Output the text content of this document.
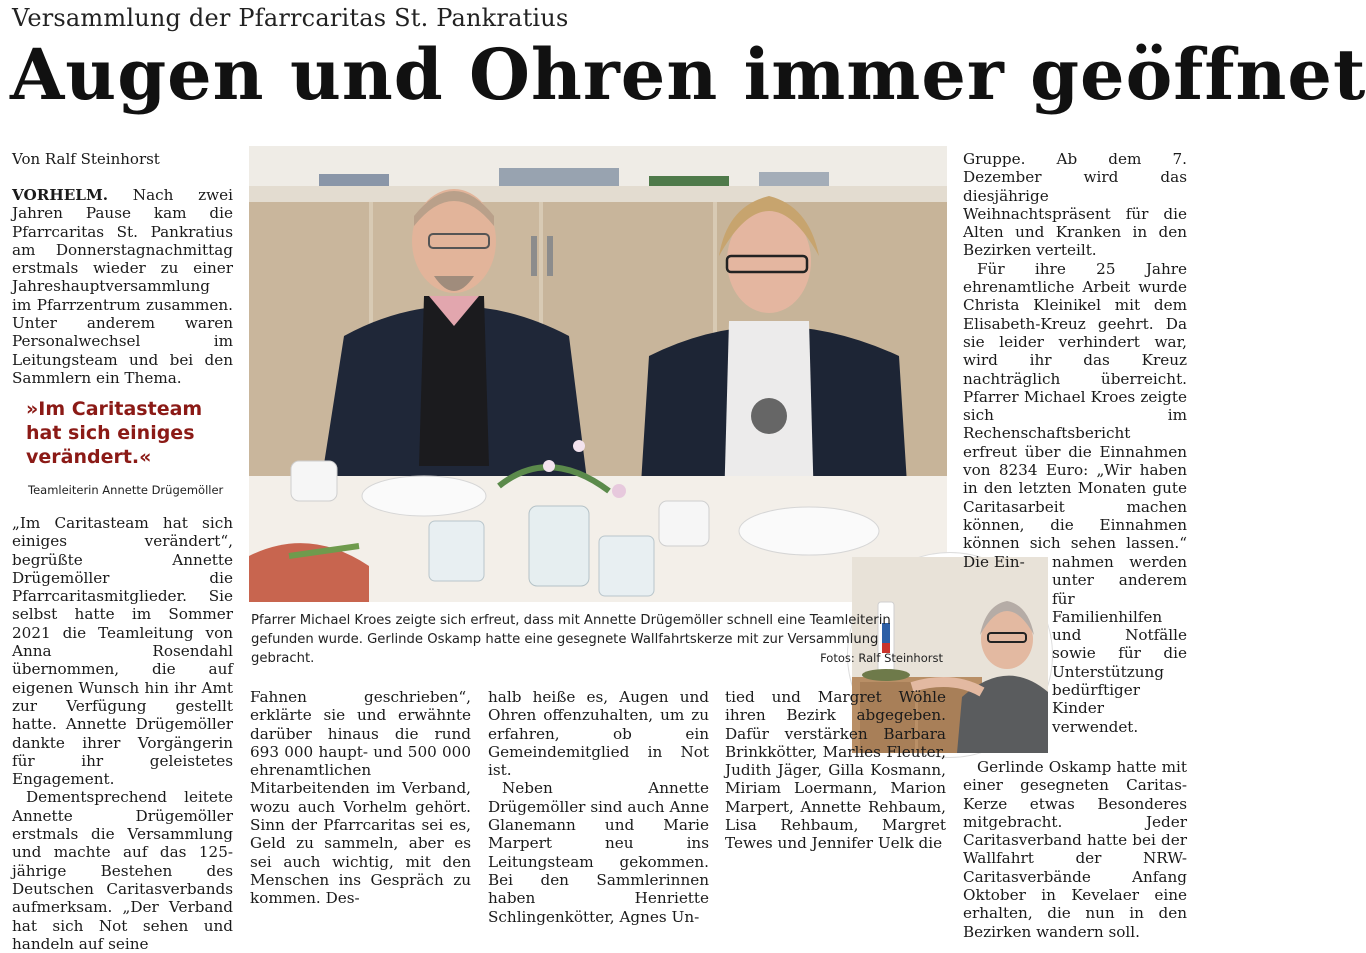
Versammlung der Pfarrcaritas St. Pankratius
Augen und Ohren immer geöffnet
Von Ralf Steinhorst

VORHELM. Nach zwei Jahren Pause kam die Pfarrcaritas St. Pankratius am Donnerstagnachmittag erstmals wieder zu einer Jahreshauptversammlung im Pfarrzentrum zusammen. Unter anderem waren Personalwechsel im Leitungsteam und bei den Sammlern ein Thema.

»Im Caritasteam hat sich einiges verändert.«
Teamleiterin Annette Drügemöller

„Im Caritasteam hat sich einiges verändert“, begrüßte Annette Drügemöller die Pfarrcaritasmitglieder. Sie selbst hatte im Sommer 2021 die Teamleitung von Anna Rosendahl übernommen, die auf eigenen Wunsch hin ihr Amt zur Verfügung gestellt hatte. Annette Drügemöller dankte ihrer Vorgängerin für ihr geleistetes Engagement.

Dementsprechend leitete Annette Drügemöller erstmals die Versammlung und machte auf das 125-jährige Bestehen des Deutschen Caritasverbands aufmerksam. „Der Verband hat sich Not sehen und handeln auf seine

Pfarrer Michael Kroes zeigte sich erfreut, dass mit Annette Drügemöller schnell eine Teamleiterin gefunden wurde. Gerlinde Oskamp hatte eine gesegnete Wallfahrtskerze mit zur Versammlung gebracht.	Fotos: Ralf Steinhorst

Fahnen geschrieben“, erklärte sie und erwähnte darüber hinaus die rund 693 000 haupt- und 500 000 ehrenamtlichen Mitarbeitenden im Verband, wozu auch Vorhelm gehört. Sinn der Pfarrcaritas sei es, Geld zu sammeln, aber es sei auch wichtig, mit den Menschen ins Gespräch zu kommen. Des-

halb heiße es, Augen und Ohren offenzuhalten, um zu erfahren, ob ein Gemeindemitglied in Not ist.

Neben Annette Drügemöller sind auch Anne Glanemann und Marie Marpert neu ins Leitungsteam gekommen. Bei den Sammlerinnen haben Henriette Schlingenkötter, Agnes Un-

tied und Margret Wöhle ihren Bezirk abgegeben. Dafür verstärken Barbara Brinkkötter, Marlies Fleuter, Judith Jäger, Gilla Kosmann, Miriam Loermann, Marion Marpert, Annette Rehbaum, Lisa Rehbaum, Margret Tewes und Jennifer Uelk die

Gruppe. Ab dem 7. Dezember wird das diesjährige Weihnachtspräsent für die Alten und Kranken in den Bezirken verteilt.

Für ihre 25 Jahre ehrenamtliche Arbeit wurde Christa Kleinikel mit dem Elisabeth-Kreuz geehrt. Da sie leider verhindert war, wird ihr das Kreuz nachträglich überreicht. Pfarrer Michael Kroes zeigte sich im Rechenschaftsbericht erfreut über die Einnahmen von 8234 Euro: „Wir haben in den letzten Monaten gute Caritasarbeit machen können, die Einnahmen können sich sehen lassen.“ Die Ein-	nahmen werden unter anderem für Familienhilfen und Notfälle sowie für die Unterstützung bedürftiger Kinder verwendet.

Gerlinde Oskamp hatte mit einer gesegneten Caritas-Kerze etwas Besonderes mitgebracht. Jeder Caritasverband hatte bei der Wallfahrt der NRW-Caritasverbände Anfang Oktober in Kevelaer eine erhalten, die nun in den Bezirken wandern soll.
